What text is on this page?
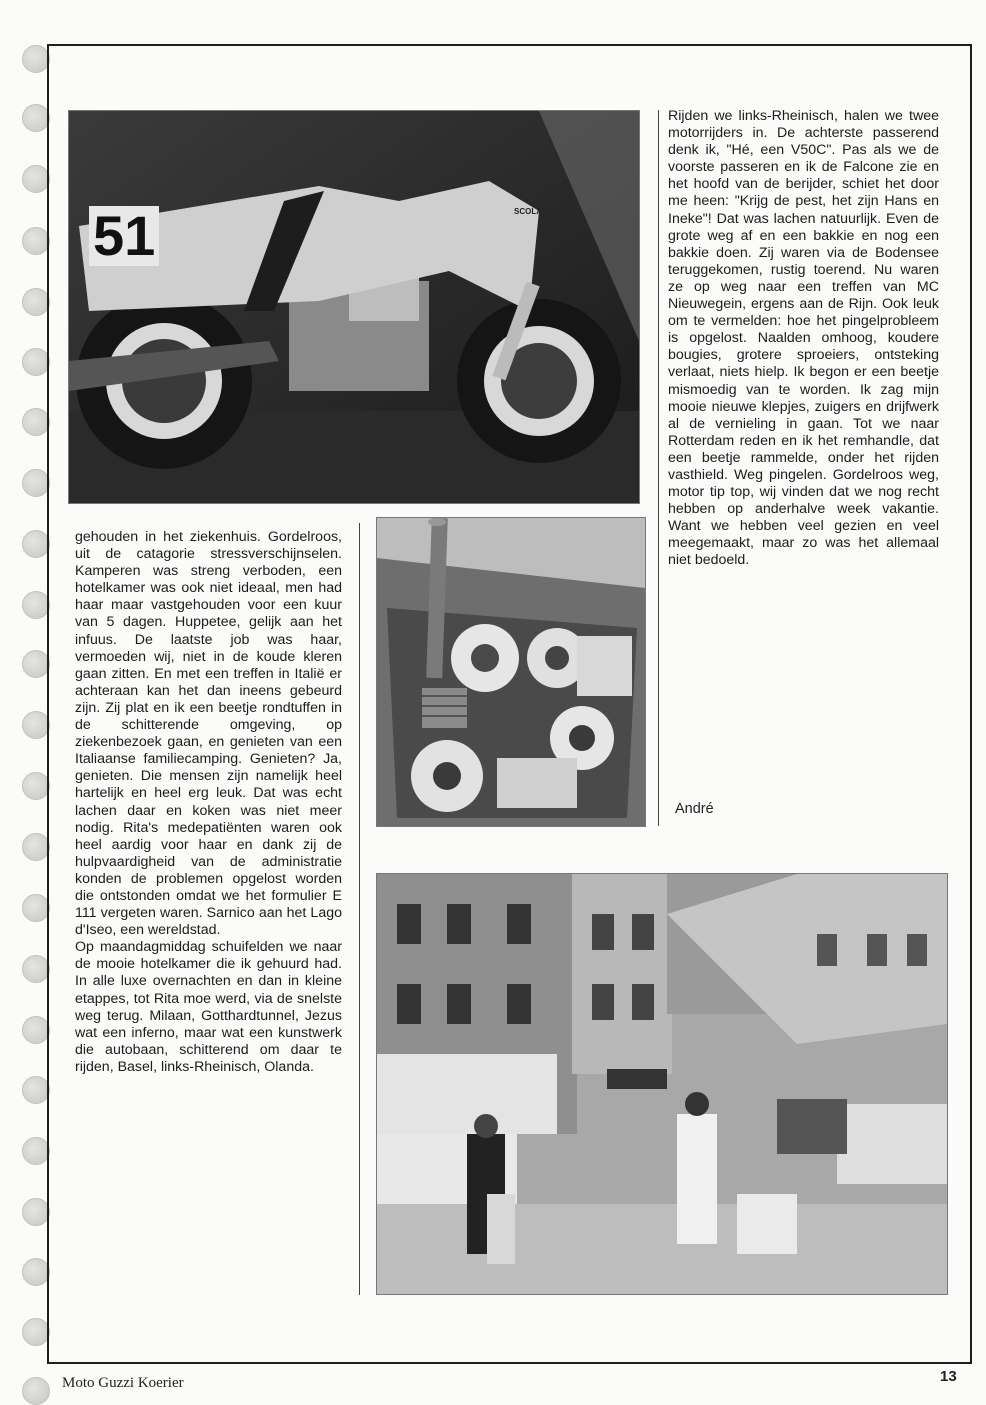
51	SCOLA

gehouden in het ziekenhuis. Gordelroos, uit de catagorie stressverschijnselen. Kamperen was streng verboden, een hotelkamer was ook niet ideaal, men had haar maar vastgehouden voor een kuur van 5 dagen. Huppetee, gelijk aan het infuus. De laatste job was haar, vermoeden wij, niet in de koude kleren gaan zitten. En met een treffen in Italië er achteraan kan het dan ineens gebeurd zijn. Zij plat en ik een beetje rondtuffen in de schitterende omgeving, op ziekenbezoek gaan, en genieten van een Italiaanse familiecamping. Genieten? Ja, genieten. Die mensen zijn namelijk heel hartelijk en heel erg leuk. Dat was echt lachen daar en koken was niet meer nodig. Rita's medepatiënten waren ook heel aardig voor haar en dank zij de hulpvaardigheid van de administratie konden de problemen opgelost worden die ontstonden omdat we het formulier E 111 vergeten waren. Sarnico aan het Lago d'Iseo, een wereldstad.

Op maandagmiddag schuifelden we naar de mooie hotelkamer die ik gehuurd had. In alle luxe overnachten en dan in kleine etappes, tot Rita moe werd, via de snelste weg terug. Milaan, Gotthardtunnel, Jezus wat een inferno, maar wat een kunstwerk die autobaan, schitterend om daar te rijden, Basel, links-Rheinisch, Olanda.

Rijden we links-Rheinisch, halen we twee motorrijders in. De achterste passerend denk ik, "Hé, een V50C". Pas als we de voorste passeren en ik de Falcone zie en het hoofd van de berijder, schiet het door me heen: "Krijg de pest, het zijn Hans en Ineke"! Dat was lachen natuurlijk. Even de grote weg af en een bakkie en nog een bakkie doen. Zij waren via de Bodensee teruggekomen, rustig toerend. Nu waren ze op weg naar een treffen van MC Nieuwegein, ergens aan de Rijn. Ook leuk om te vermelden: hoe het pingelprobleem is opgelost. Naalden omhoog, koudere bougies, grotere sproeiers, ontsteking verlaat, niets hielp. Ik begon er een beetje mismoedig van te worden. Ik zag mijn mooie nieuwe klepjes, zuigers en drijfwerk al de vernieling in gaan. Tot we naar Rotterdam reden en ik het remhandle, dat een beetje rammelde, onder het rijden vasthield. Weg pingelen. Gordelroos weg, motor tip top, wij vinden dat we nog recht hebben op anderhalve week vakantie. Want we hebben veel gezien en veel meegemaakt, maar zo was het allemaal niet bedoeld.

André
Moto Guzzi Koerier	13
